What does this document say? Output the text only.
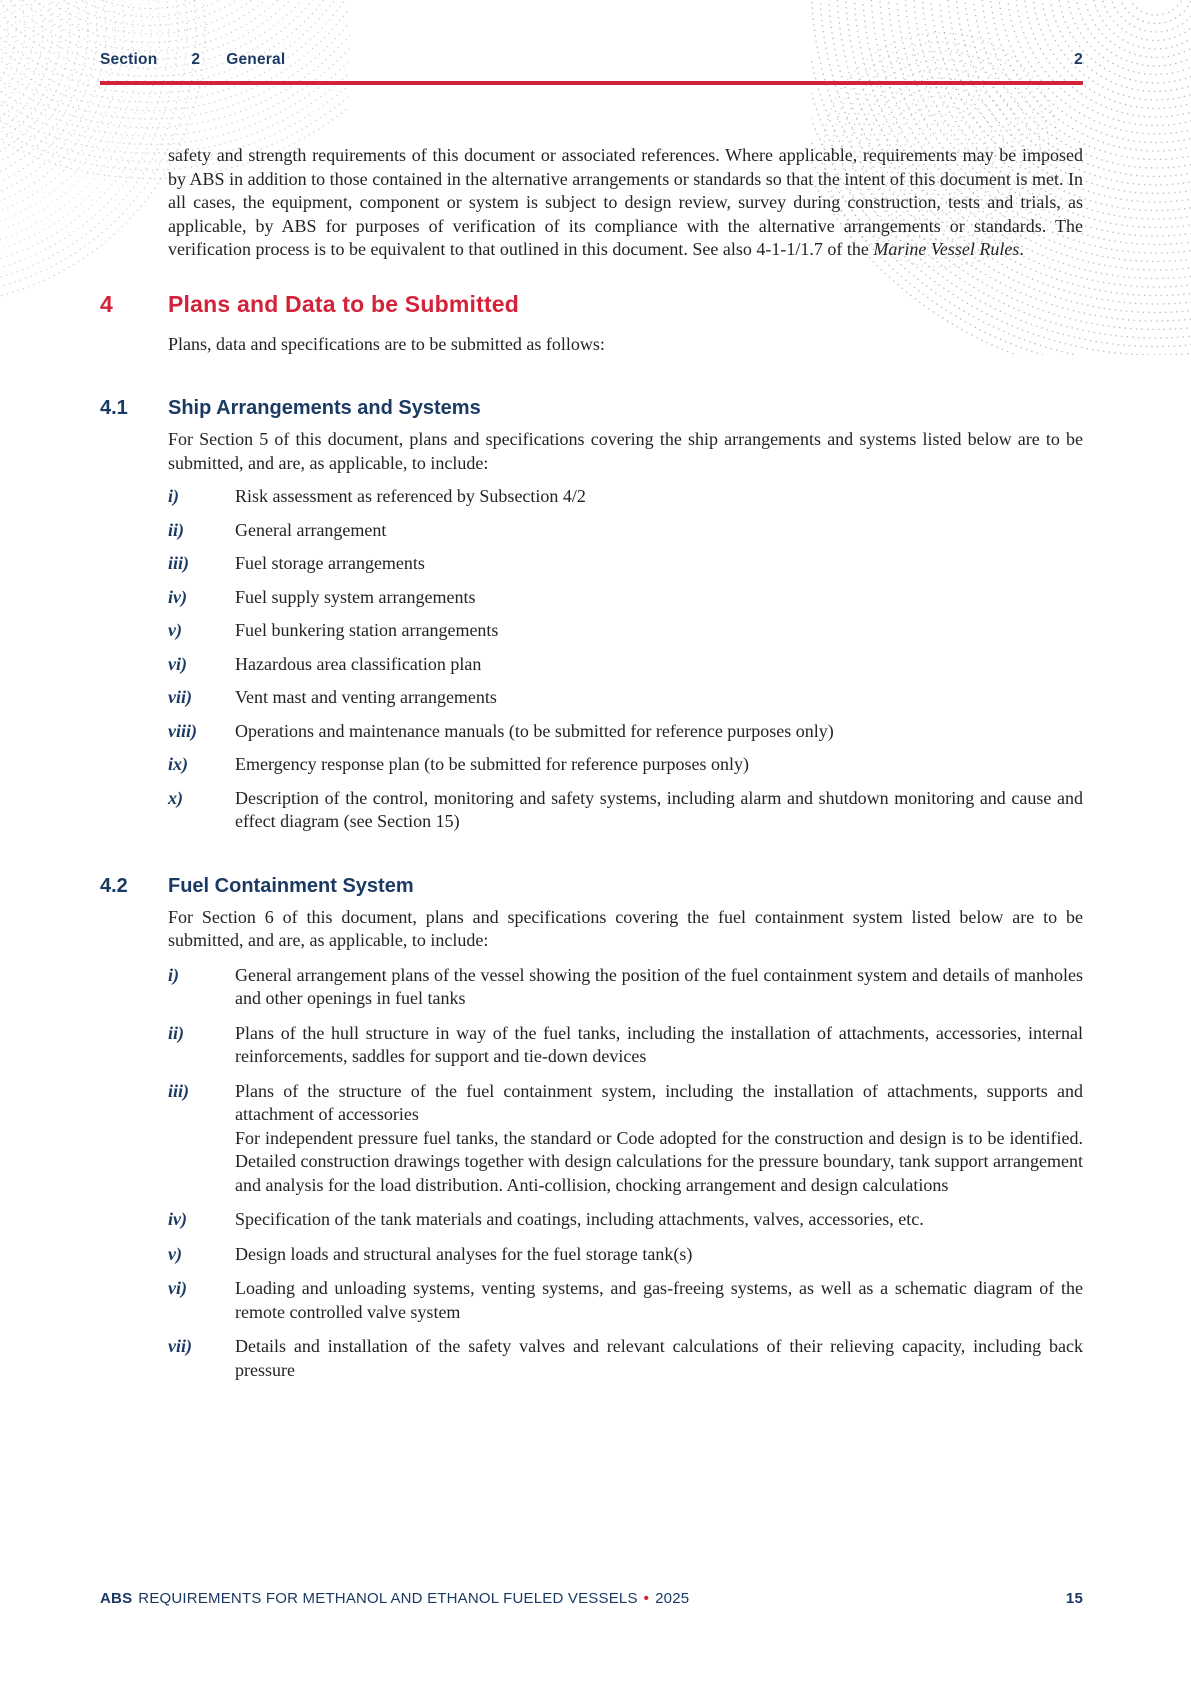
Section 2 General	2

safety and strength requirements of this document or associated references. Where applicable, requirements may be imposed by ABS in addition to those contained in the alternative arrangements or standards so that the intent of this document is met. In all cases, the equipment, component or system is subject to design review, survey during construction, tests and trials, as applicable, by ABS for purposes of verification of its compliance with the alternative arrangements or standards. The verification process is to be equivalent to that outlined in this document. See also 4-1-1/1.7 of the Marine Vessel Rules.

4	Plans and Data to be Submitted

Plans, data and specifications are to be submitted as follows:

4.1	Ship Arrangements and Systems

For Section 5 of this document, plans and specifications covering the ship arrangements and systems listed below are to be submitted, and are, as applicable, to include:

i)	Risk assessment as referenced by Subsection 4/2
ii)	General arrangement
iii)	Fuel storage arrangements
iv)	Fuel supply system arrangements
v)	Fuel bunkering station arrangements
vi)	Hazardous area classification plan
vii)	Vent mast and venting arrangements
viii)	Operations and maintenance manuals (to be submitted for reference purposes only)
ix)	Emergency response plan (to be submitted for reference purposes only)
x)	Description of the control, monitoring and safety systems, including alarm and shutdown monitoring and cause and effect diagram (see Section 15)
4.2	Fuel Containment System

For Section 6 of this document, plans and specifications covering the fuel containment system listed below are to be submitted, and are, as applicable, to include:

i)	General arrangement plans of the vessel showing the position of the fuel containment system and details of manholes and other openings in fuel tanks
ii)	Plans of the hull structure in way of the fuel tanks, including the installation of attachments, accessories, internal reinforcements, saddles for support and tie-down devices
iii)	Plans of the structure of the fuel containment system, including the installation of attachments, supports and attachment of accessories
For independent pressure fuel tanks, the standard or Code adopted for the construction and design is to be identified. Detailed construction drawings together with design calculations for the pressure boundary, tank support arrangement and analysis for the load distribution. Anti-collision, chocking arrangement and design calculations
iv)	Specification of the tank materials and coatings, including attachments, valves, accessories, etc.
v)	Design loads and structural analyses for the fuel storage tank(s)
vi)	Loading and unloading systems, venting systems, and gas-freeing systems, as well as a schematic diagram of the remote controlled valve system
vii)	Details and installation of the safety valves and relevant calculations of their relieving capacity, including back pressure
ABS REQUIREMENTS FOR METHANOL AND ETHANOL FUELED VESSELS • 2025	15
